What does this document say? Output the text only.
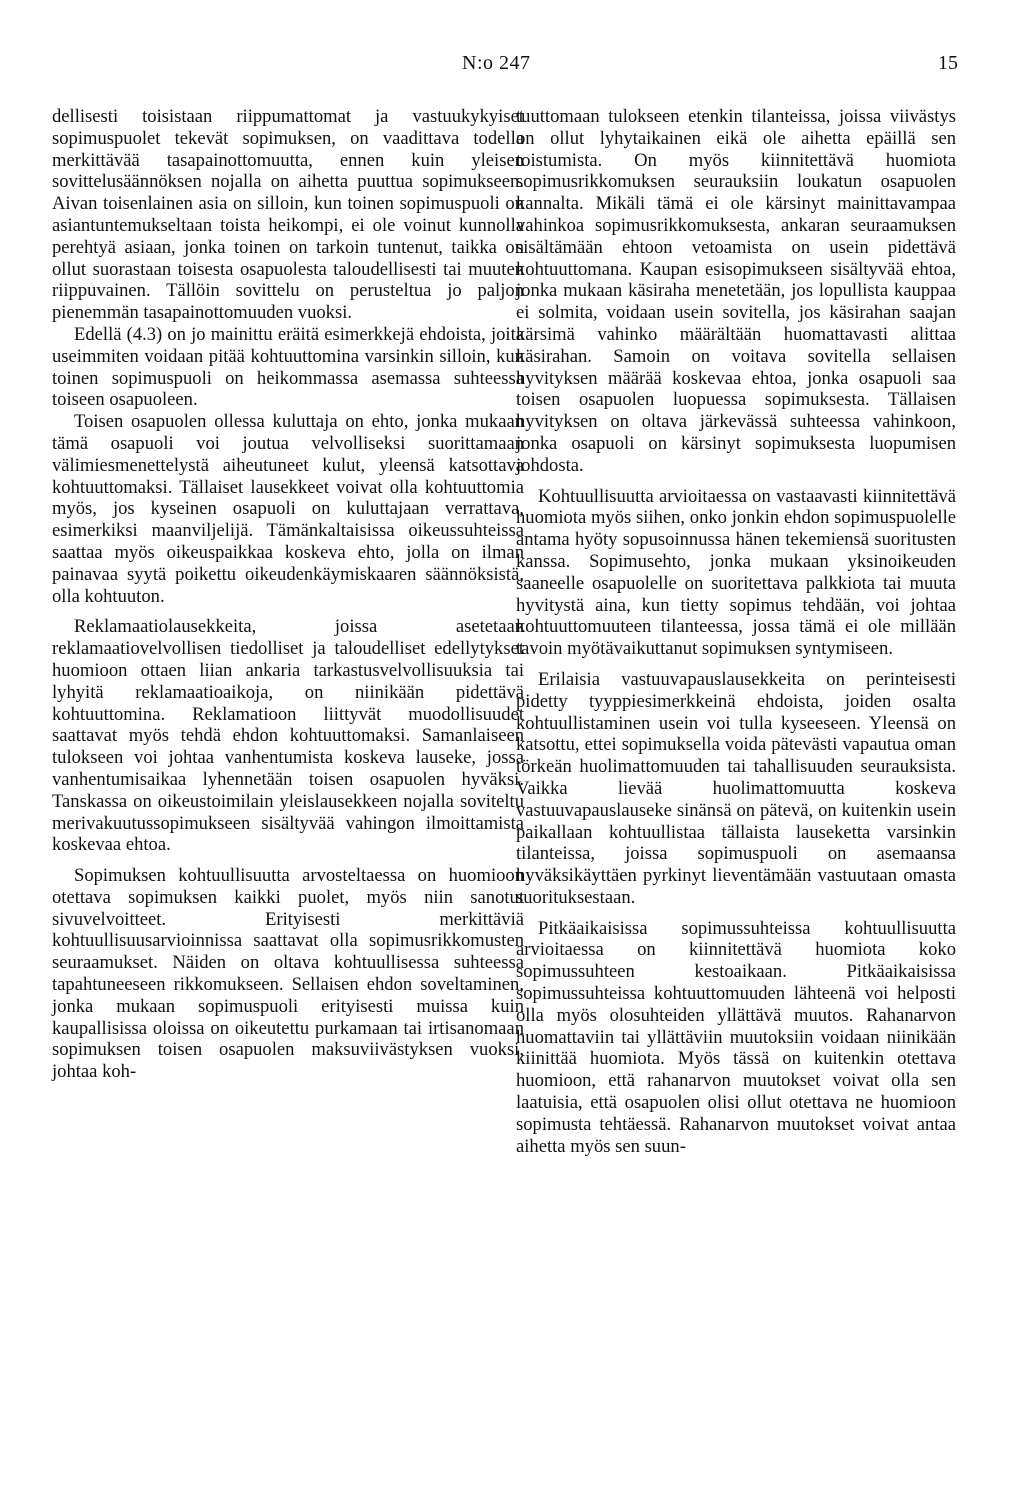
N:o 247	15

dellisesti toisistaan riippumattomat ja vastuukykyiset sopimuspuolet tekevät sopimuksen, on vaadittava todella merkittävää tasapainottomuutta, ennen kuin yleisen sovittelusäännöksen nojalla on aihetta puuttua sopimukseen. Aivan toisenlainen asia on silloin, kun toinen sopimuspuoli on asiantuntemukseltaan toista heikompi, ei ole voinut kunnolla perehtyä asiaan, jonka toinen on tarkoin tuntenut, taikka on ollut suorastaan toisesta osapuolesta taloudellisesti tai muuten riippuvainen. Tällöin sovittelu on perusteltua jo paljon pienemmän tasapainottomuuden vuoksi.

Edellä (4.3) on jo mainittu eräitä esimerkkejä ehdoista, joita useimmiten voidaan pitää kohtuuttomina varsinkin silloin, kun toinen sopimuspuoli on heikommassa asemassa suhteessa toiseen osapuoleen.

Toisen osapuolen ollessa kuluttaja on ehto, jonka mukaan tämä osapuoli voi joutua velvolliseksi suorittamaan välimiesmenettelystä aiheutuneet kulut, yleensä katsottava kohtuuttomaksi. Tällaiset lausekkeet voivat olla kohtuuttomia myös, jos kyseinen osapuoli on kuluttajaan verrattava, esimerkiksi maanviljelijä. Tämänkaltaisissa oikeussuhteissa saattaa myös oikeuspaikkaa koskeva ehto, jolla on ilman painavaa syytä poikettu oikeudenkäymiskaaren säännöksistä, olla kohtuuton.

Reklamaatiolausekkeita, joissa asetetaan reklamaatiovelvollisen tiedolliset ja taloudelliset edellytykset huomioon ottaen liian ankaria tarkastusvelvollisuuksia tai lyhyitä reklamaatioaikoja, on niinikään pidettävä kohtuuttomina. Reklamatioon liittyvät muodollisuudet saattavat myös tehdä ehdon kohtuuttomaksi. Samanlaiseen tulokseen voi johtaa vanhentumista koskeva lauseke, jossa vanhentumisaikaa lyhennetään toisen osapuolen hyväksi. Tanskassa on oikeustoimilain yleislausekkeen nojalla soviteltu merivakuutussopimukseen sisältyvää vahingon ilmoittamista koskevaa ehtoa.

Sopimuksen kohtuullisuutta arvosteltaessa on huomioon otettava sopimuksen kaikki puolet, myös niin sanotut sivuvelvoitteet. Erityisesti merkittäviä kohtuullisuusarvioinnissa saattavat olla sopimusrikkomusten seuraamukset. Näiden on oltava kohtuullisessa suhteessa tapahtuneeseen rikkomukseen. Sellaisen ehdon soveltaminen, jonka mukaan sopimuspuoli erityisesti muissa kuin kaupallisissa oloissa on oikeutettu purkamaan tai irtisanomaan sopimuksen toisen osapuolen maksuviivästyksen vuoksi, johtaa koh-

tuuttomaan tulokseen etenkin tilanteissa, joissa viivästys on ollut lyhytaikainen eikä ole aihetta epäillä sen toistumista. On myös kiinnitettävä huomiota sopimusrikkomuksen seurauksiin loukatun osapuolen kannalta. Mikäli tämä ei ole kärsinyt mainittavampaa vahinkoa sopimusrikkomuksesta, ankaran seuraamuksen sisältämään ehtoon vetoamista on usein pidettävä kohtuuttomana. Kaupan esisopimukseen sisältyvää ehtoa, jonka mukaan käsiraha menetetään, jos lopullista kauppaa ei solmita, voidaan usein sovitella, jos käsirahan saajan kärsimä vahinko määrältään huomattavasti alittaa käsirahan. Samoin on voitava sovitella sellaisen hyvityksen määrää koskevaa ehtoa, jonka osapuoli saa toisen osapuolen luopuessa sopimuksesta. Tällaisen hyvityksen on oltava järkevässä suhteessa vahinkoon, jonka osapuoli on kärsinyt sopimuksesta luopumisen johdosta.

Kohtuullisuutta arvioitaessa on vastaavasti kiinnitettävä huomiota myös siihen, onko jonkin ehdon sopimuspuolelle antama hyöty sopusoinnussa hänen tekemiensä suoritusten kanssa. Sopimusehto, jonka mukaan yksinoikeuden saaneelle osapuolelle on suoritettava palkkiota tai muuta hyvitystä aina, kun tietty sopimus tehdään, voi johtaa kohtuuttomuuteen tilanteessa, jossa tämä ei ole millään tavoin myötävaikuttanut sopimuksen syntymiseen.

Erilaisia vastuuvapauslausekkeita on perinteisesti pidetty tyyppiesimerkkeinä ehdoista, joiden osalta kohtuullistaminen usein voi tulla kyseeseen. Yleensä on katsottu, ettei sopimuksella voida pätevästi vapautua oman törkeän huolimattomuuden tai tahallisuuden seurauksista. Vaikka lievää huolimattomuutta koskeva vastuuvapauslauseke sinänsä on pätevä, on kuitenkin usein paikallaan kohtuullistaa tällaista lauseketta varsinkin tilanteissa, joissa sopimuspuoli on asemaansa hyväksikäyttäen pyrkinyt lieventämään vastuutaan omasta suorituksestaan.

Pitkäaikaisissa sopimussuhteissa kohtuullisuutta arvioitaessa on kiinnitettävä huomiota koko sopimussuhteen kestoaikaan. Pitkäaikaisissa sopimussuhteissa kohtuuttomuuden lähteenä voi helposti olla myös olosuhteiden yllättävä muutos. Rahanarvon huomattaviin tai yllättäviin muutoksiin voidaan niinikään kiinittää huomiota. Myös tässä on kuitenkin otettava huomioon, että rahanarvon muutokset voivat olla sen laatuisia, että osapuolen olisi ollut otettava ne huomioon sopimusta tehtäessä. Rahanarvon muutokset voivat antaa aihetta myös sen suun-
